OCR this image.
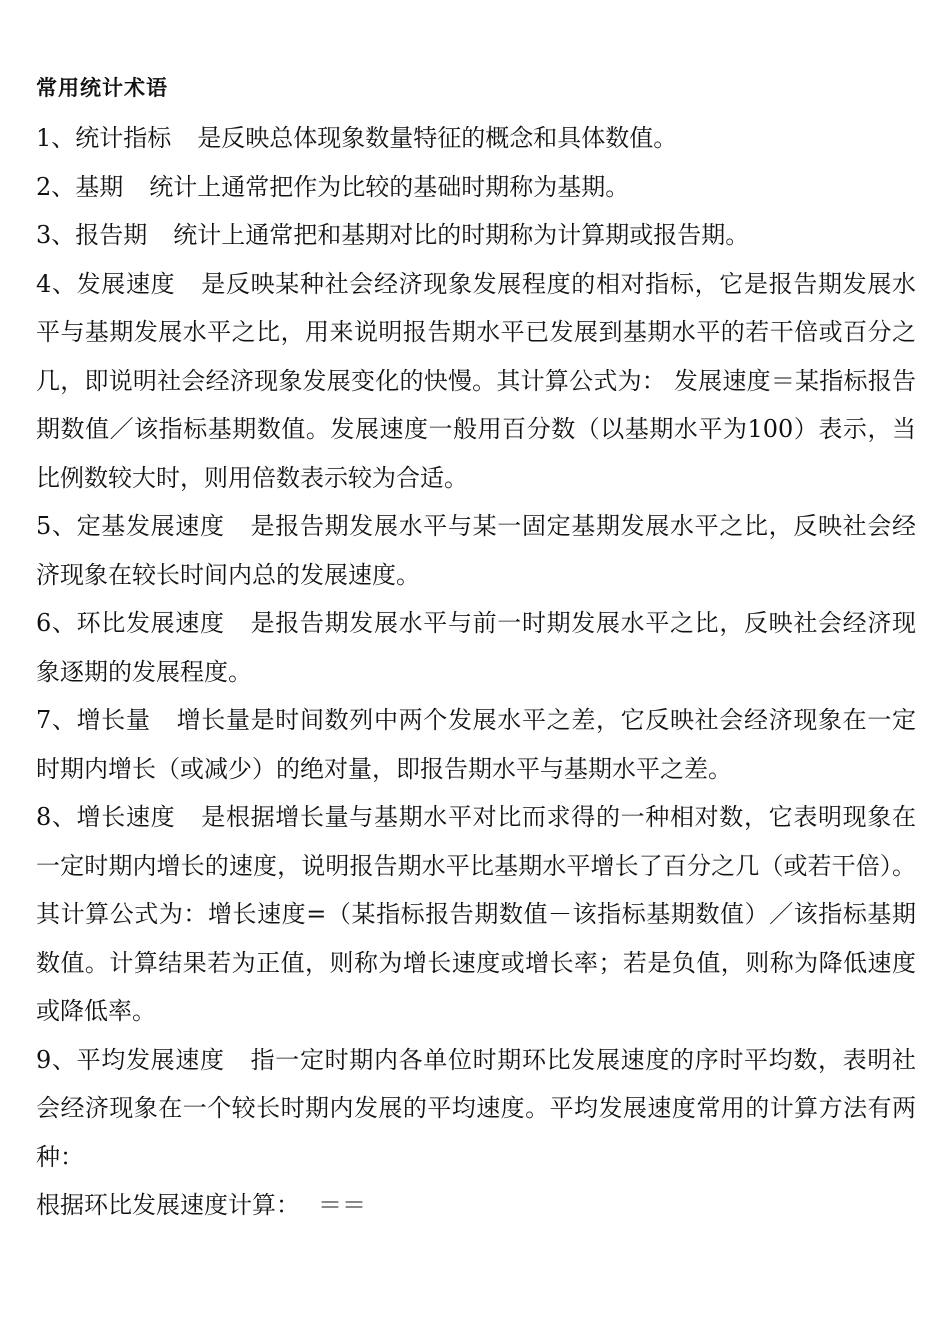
常用统计术语

1、统计指标 是反映总体现象数量特征的概念和具体数值。

2、基期 统计上通常把作为比较的基础时期称为基期。

3、报告期 统计上通常把和基期对比的时期称为计算期或报告期。

4、发展速度 是反映某种社会经济现象发展程度的相对指标，它是报告期发展水平与基期发展水平之比，用来说明报告期水平已发展到基期水平的若干倍或百分之几，即说明社会经济现象发展变化的快慢。其计算公式为： 发展速度＝某指标报告期数值／该指标基期数值。发展速度一般用百分数（以基期水平为100）表示，当比例数较大时，则用倍数表示较为合适。

5、定基发展速度 是报告期发展水平与某一固定基期发展水平之比，反映社会经济现象在较长时间内总的发展速度。

6、环比发展速度 是报告期发展水平与前一时期发展水平之比，反映社会经济现象逐期的发展程度。

7、增长量 增长量是时间数列中两个发展水平之差，它反映社会经济现象在一定时期内增长（或减少）的绝对量，即报告期水平与基期水平之差。

8、增长速度 是根据增长量与基期水平对比而求得的一种相对数，它表明现象在一定时期内增长的速度，说明报告期水平比基期水平增长了百分之几（或若干倍）。其计算公式为：增长速度=（某指标报告期数值－该指标基期数值）／该指标基期数值。计算结果若为正值，则称为增长速度或增长率；若是负值，则称为降低速度或降低率。

9、平均发展速度 指一定时期内各单位时期环比发展速度的序时平均数，表明社会经济现象在一个较长时期内发展的平均速度。平均发展速度常用的计算方法有两种：

根据环比发展速度计算： ＝＝
